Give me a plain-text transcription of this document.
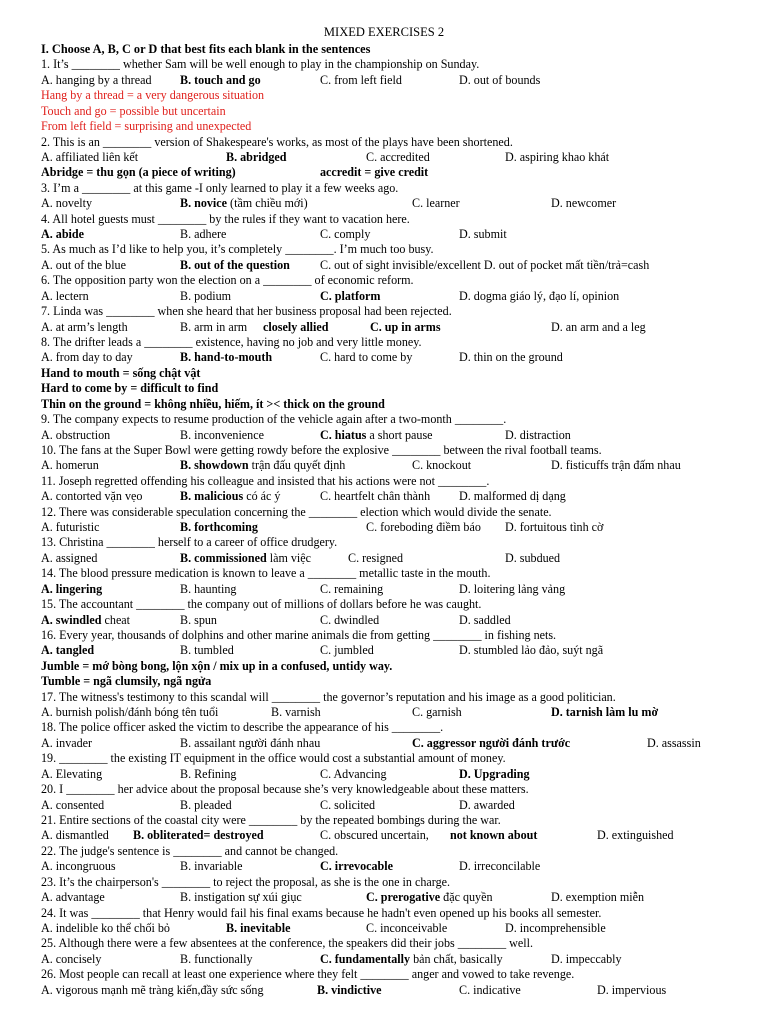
MIXED EXERCISES 2
I. Choose A, B, C or D that best fits each blank in the sentences
1. It’s ________ whether Sam will be well enough to play in the championship on Sunday.
A. hanging by a thread B. touch and go	C. from left field	D. out of bounds
Hang by a thread = a very dangerous situation
Touch and go = possible but uncertain
From left field = surprising and unexpected
2. This is an ________ version of Shakespeare's works, as most of the plays have been shortened.
A. affiliated liên kết	B. abridged	C. accredited	D. aspiring khao khát
Abridge = thu gọn (a piece of writing)	accredit = give credit
3. I’m a ________ at this game -I only learned to play it a few weeks ago.
A. novelty	B. novice (tầm chiều mới)	C. learner	D. newcomer
4. All hotel guests must ________ by the rules if they want to vacation here.
A. abide	B. adhere	C. comply	D. submit
5. As much as I’d like to help you, it’s completely ________. I’m much too busy.
A. out of the blue	B. out of the question C. out of sight invisible/excellent D. out of pocket mất tiền/trả=cash
6. The opposition party won the election on a ________ of economic reform.
A. lectern	B. podium	C. platform	D. dogma giáo lý, đạo lí, opinion
7. Linda was ________ when she heard that her business proposal had been rejected.
A. at arm’s length	B. arm in arm closely allied	C. up in arms	D. an arm and a leg
8. The drifter leads a ________ existence, having no job and very little money.
A. from day to day	B. hand-to-mouth	C. hard to come by	D. thin on the ground
Hand to mouth = sống chật vật
Hard to come by = difficult to find
Thin on the ground = không nhiều, hiếm, ít >< thick on the ground
9. The company expects to resume production of the vehicle again after a two-month ________.
A. obstruction	B. inconvenience	C. hiatus a short pause	D. distraction
10. The fans at the Super Bowl were getting rowdy before the explosive ________ between the rival football teams.
A. homerun	B. showdown trận đấu quyết định	C. knockout	D. fisticuffs trận đấm nhau
11. Joseph regretted offending his colleague and insisted that his actions were not ________.
A. contorted vặn vẹo	B. malicious có ác ý	C. heartfelt chân thành D. malformed dị dạng
12. There was considerable speculation concerning the ________ election which would divide the senate.
A. futuristic	B. forthcoming	C. foreboding điềm báo D. fortuitous tình cờ
13. Christina ________ herself to a career of office drudgery.
A. assigned	B. commissioned làm việc	C. resigned	D. subdued
14. The blood pressure medication is known to leave a ________ metallic taste in the mouth.
A. lingering	B. haunting	C. remaining	D. loitering lảng vảng
15. The accountant ________ the company out of millions of dollars before he was caught.
A. swindled cheat	B. spun	C. dwindled	D. saddled
16. Every year, thousands of dolphins and other marine animals die from getting ________ in fishing nets.
A. tangled	B. tumbled	C. jumbled	D. stumbled lảo đảo, suýt ngã
Jumble = mớ bòng bong, lộn xộn / mix up in a confused, untidy way.
Tumble = ngã clumsily, ngã ngửa
17. The witness's testimony to this scandal will ________ the governor’s reputation and his image as a good politician.
A. burnish polish/đánh bóng tên tuổi	B. varnish	C. garnish	D. tarnish làm lu mờ
18. The police officer asked the victim to describe the appearance of his ________.
A. invader	B. assailant người đánh nhau	C. aggressor người đánh trước	D. assassin
19. ________ the existing IT equipment in the office would cost a substantial amount of money.
A. Elevating	B. Refining	C. Advancing	D. Upgrading
20. I ________ her advice about the proposal because she’s very knowledgeable about these matters.
A. consented	B. pleaded	C. solicited	D. awarded
21. Entire sections of the coastal city were ________ by the repeated bombings during the war.
A. dismantled B. obliterated= destroyed	C. obscured uncertain, not known about	D. extinguished
22. The judge's sentence is ________ and cannot be changed.
A. incongruous	B. invariable	C. irrevocable	D. irreconcilable
23. It’s the chairperson's ________ to reject the proposal, as she is the one in charge.
A. advantage	B. instigation sự xúi giục	C. prerogative đặc quyền	D. exemption miễn
24. It was ________ that Henry would fail his final exams because he hadn't even opened up his books all semester.
A. indelible ko thể chối bỏ	B. inevitable	C. inconceivable	D. incomprehensible
25. Although there were a few absentees at the conference, the speakers did their jobs ________ well.
A. concisely	B. functionally	C. fundamentally bản chất, basically	D. impeccably
26. Most people can recall at least one experience where they felt ________ anger and vowed to take revenge.
A. vigorous mạnh mẽ tràng kiến,đầy sức sống	B. vindictive	C. indicative	D. impervious
